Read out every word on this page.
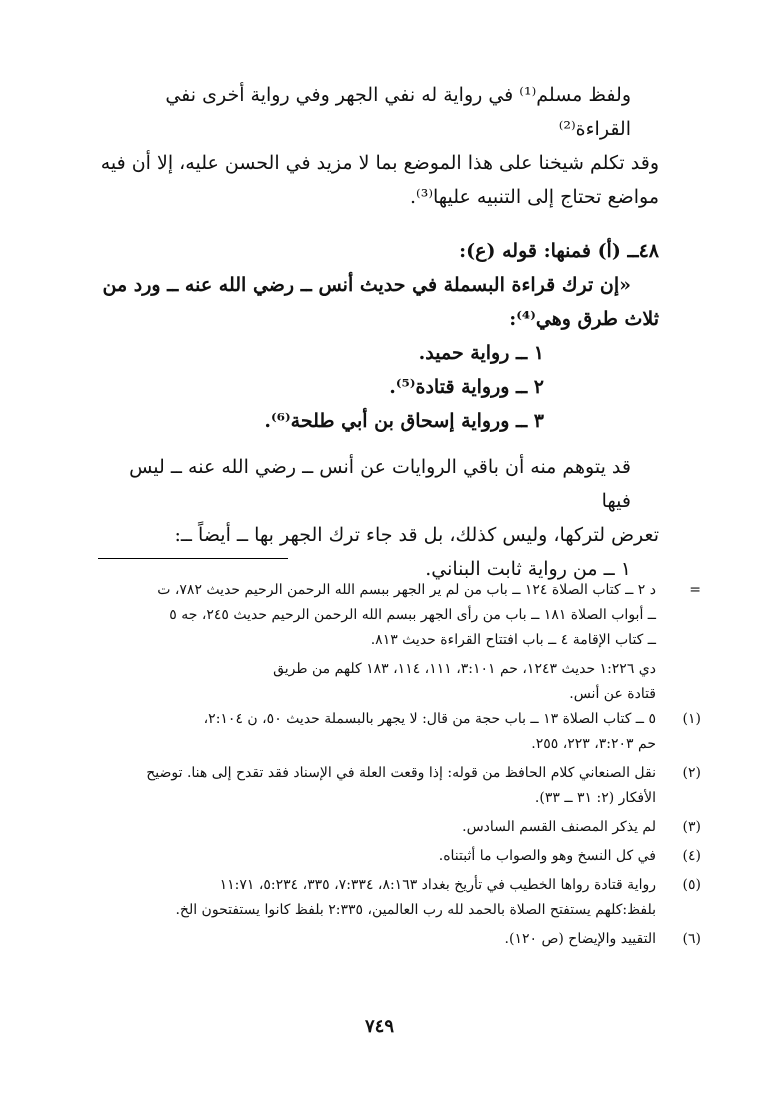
ولفظ مسلم⁽¹⁾ في رواية له نفي الجهر وفي رواية أخرى نفي القراءة⁽²⁾

وقد تكلم شيخنا على هذا الموضع بما لا مزيد في الحسن عليه، إلا أن فيه

مواضع تحتاج إلى التنبيه عليها⁽³⁾.

٤٨ــ (أ) فمنها: قوله (ع):

«إن ترك قراءة البسملة في حديث أنس ــ رضي الله عنه ــ ورد من

ثلاث طرق وهي⁽⁴⁾:

١ ــ رواية حميد.

٢ ــ ورواية قتادة⁽⁵⁾.

٣ ــ ورواية إسحاق بن أبي طلحة⁽⁶⁾.

قد يتوهم منه أن باقي الروايات عن أنس ــ رضي الله عنه ــ ليس فيها

تعرض لتركها، وليس كذلك، بل قد جاء ترك الجهر بها ــ أيضاً ــ:

١ ــ من رواية ثابت البناني.

=
د ٢ ــ كتاب الصلاة ١٢٤ ــ باب من لم ير الجهر ببسم الله الرحمن الرحيم حديث ٧٨٢، ت
ــ أبواب الصلاة ١٨١ ــ باب من رأى الجهر ببسم الله الرحمن الرحيم حديث ٢٤٥، جه ٥
ــ كتاب الإقامة ٤ ــ باب افتتاح القراءة حديث ٨١٣.
دي ١:٢٢٦ حديث ١٢٤٣، حم ٣:١٠١، ١١١، ١١٤، ١٨٣ كلهم من طريق
قتادة عن أنس.
(١)
٥ ــ كتاب الصلاة ١٣ ــ باب حجة من قال: لا يجهر بالبسملة حديث ٥٠، ن ٢:١٠٤،
حم ٣:٢٠٣، ٢٢٣، ٢٥٥.
(٢)
نقل الصنعاني كلام الحافظ من قوله: إذا وقعت العلة في الإسناد فقد تقدح إلى هنا. توضيح
الأفكار (٢: ٣١ ــ ٣٣).
(٣)
لم يذكر المصنف القسم السادس.
(٤)
في كل النسخ وهو والصواب ما أثبتناه.
(٥)
رواية قتادة رواها الخطيب في تأريخ بغداد ٨:١٦٣، ٧:٣٣٤، ٣٣٥، ٥:٢٣٤، ١١:٧١
بلفظ:كلهم يستفتح الصلاة بالحمد لله رب العالمين، ٢:٣٣٥ بلفظ كانوا يستفتحون الخ.
(٦)
التقييد والإيضاح (ص ١٢٠).
٧٤٩
